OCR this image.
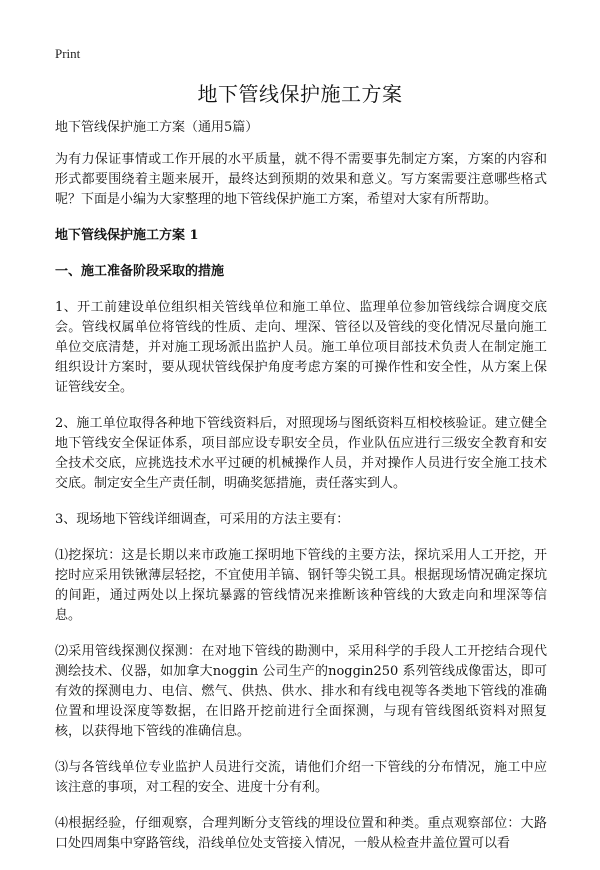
Print
地下管线保护施工方案

地下管线保护施工方案（通用5篇）

为有力保证事情或工作开展的水平质量，就不得不需要事先制定方案，方案的内容和形式都要围绕着主题来展开，最终达到预期的效果和意义。写方案需要注意哪些格式呢？下面是小编为大家整理的地下管线保护施工方案，希望对大家有所帮助。

地下管线保护施工方案 1

一、施工准备阶段采取的措施

1、开工前建设单位组织相关管线单位和施工单位、监理单位参加管线综合调度交底会。管线权属单位将管线的性质、走向、埋深、管径以及管线的变化情况尽量向施工单位交底清楚，并对施工现场派出监护人员。施工单位项目部技术负责人在制定施工组织设计方案时，要从现状管线保护角度考虑方案的可操作性和安全性，从方案上保证管线安全。

2、施工单位取得各种地下管线资料后，对照现场与图纸资料互相校核验证。建立健全地下管线安全保证体系，项目部应设专职安全员，作业队伍应进行三级安全教育和安全技术交底，应挑选技术水平过硬的机械操作人员，并对操作人员进行安全施工技术交底。制定安全生产责任制，明确奖惩措施，责任落实到人。

3、现场地下管线详细调查，可采用的方法主要有：

⑴挖探坑：这是长期以来市政施工探明地下管线的主要方法，探坑采用人工开挖，开挖时应采用铁锹薄层轻挖，不宜使用羊镐、钢钎等尖锐工具。根据现场情况确定探坑的间距，通过两处以上探坑暴露的管线情况来推断该种管线的大致走向和埋深等信息。

⑵采用管线探测仪探测：在对地下管线的勘测中，采用科学的手段人工开挖结合现代测绘技术、仪器，如加拿大noggin 公司生产的noggin250 系列管线成像雷达，即可有效的探测电力、电信、燃气、供热、供水、排水和有线电视等各类地下管线的准确位置和埋设深度等数据，在旧路开挖前进行全面探测，与现有管线图纸资料对照复核，以获得地下管线的准确信息。

⑶与各管线单位专业监护人员进行交流，请他们介绍一下管线的分布情况，施工中应该注意的事项，对工程的安全、进度十分有利。

⑷根据经验，仔细观察，合理判断分支管线的埋设位置和种类。重点观察部位：大路口处四周集中穿路管线，沿线单位处支管接入情况，一般从检查井盖位置可以看
